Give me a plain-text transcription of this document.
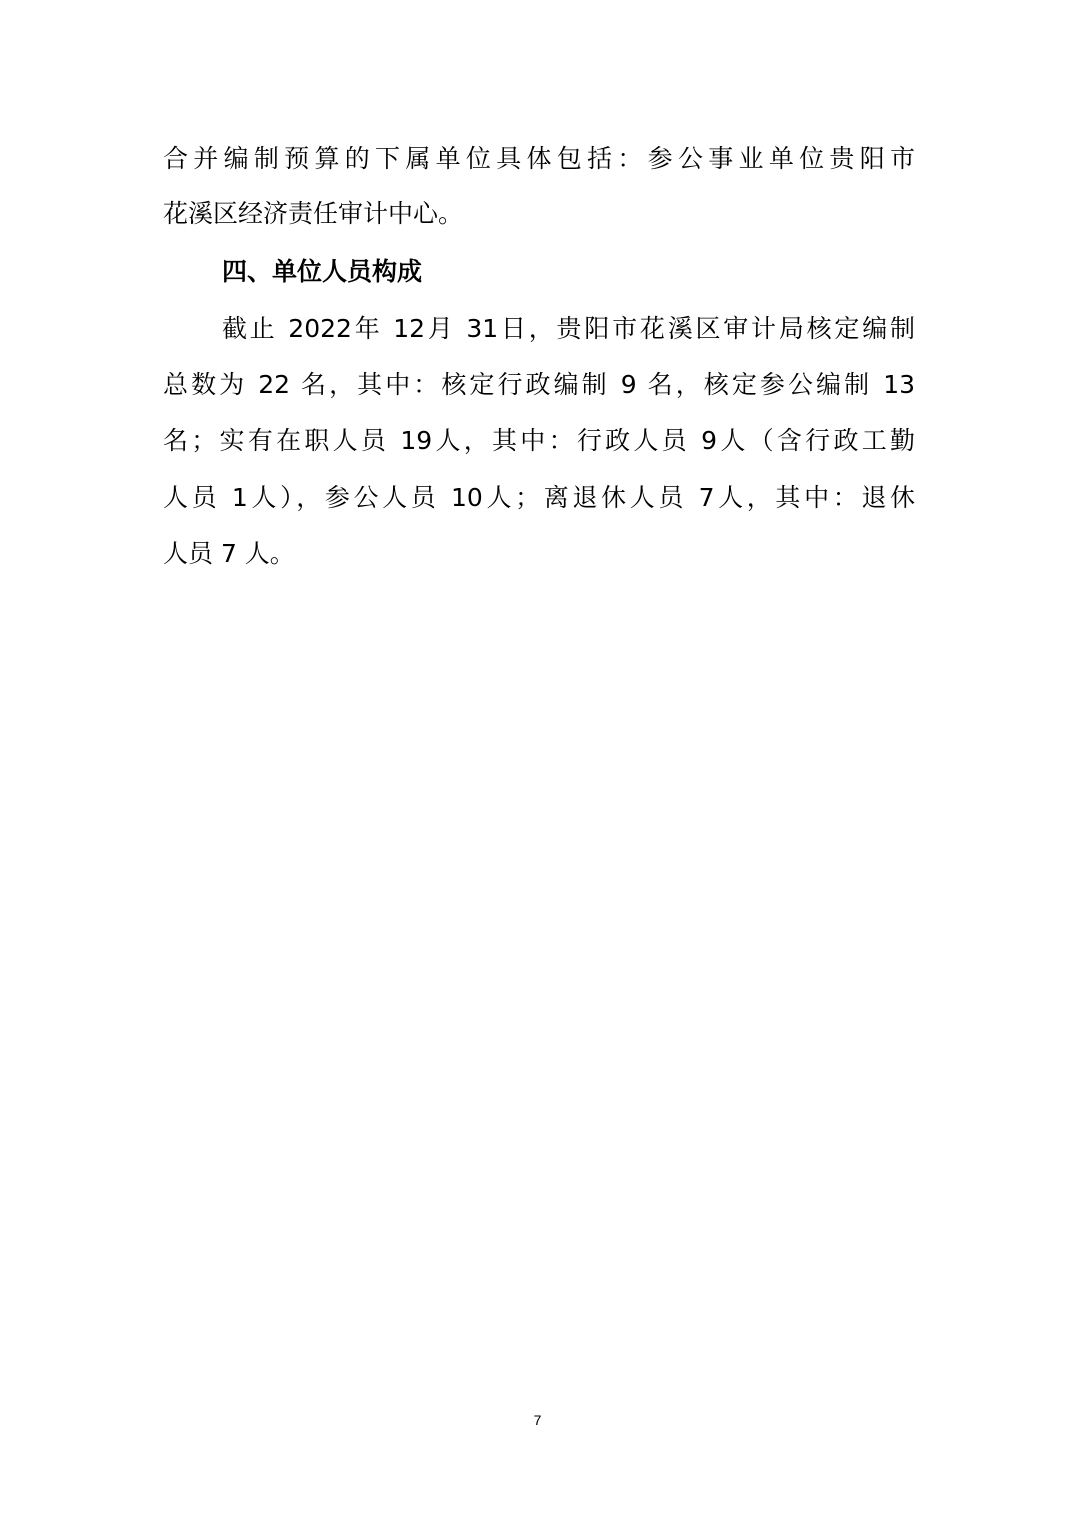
合并编制预算的下属单位具体包括：参公事业单位贵阳市
花溪区经济责任审计中心。
四、单位人员构成
截止 2022年 12月 31日，贵阳市花溪区审计局核定编制
总数为 22 名，其中：核定行政编制 9 名，核定参公编制 13
名；实有在职人员 19人，其中：行政人员 9人（含行政工勤
人员 1人），参公人员 10人；离退休人员 7人，其中：退休
人员 7 人。
7
